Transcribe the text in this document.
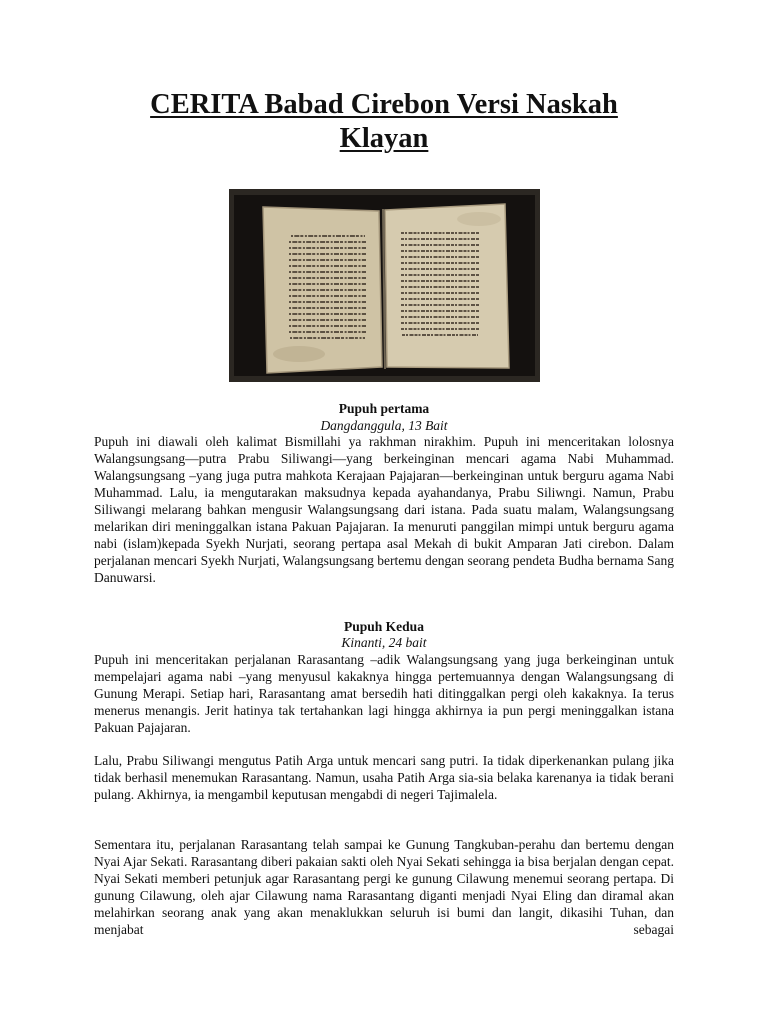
CERITA Babad Cirebon Versi Naskah
Klayan

Pupuh pertama

Dangdanggula, 13 Bait

Pupuh ini diawali oleh kalimat Bismillahi ya rakhman nirakhim. Pupuh ini menceritakan lolosnya Walangsungsang—putra Prabu Siliwangi—yang berkeinginan mencari agama Nabi Muhammad. Walangsungsang –yang juga putra mahkota Kerajaan Pajajaran—berkeinginan untuk berguru agama Nabi Muhammad. Lalu, ia mengutarakan maksudnya kepada ayahandanya, Prabu Siliwngi. Namun, Prabu Siliwangi melarang bahkan mengusir Walangsungsang dari istana. Pada suatu malam, Walangsungsang melarikan diri meninggalkan istana Pakuan Pajajaran. Ia menuruti panggilan mimpi untuk berguru agama nabi (islam)kepada Syekh Nurjati, seorang pertapa asal Mekah di bukit Amparan Jati cirebon. Dalam perjalanan mencari Syekh Nurjati, Walangsungsang bertemu dengan seorang pendeta Budha bernama Sang Danuwarsi.

Pupuh Kedua

Kinanti, 24 bait

Pupuh ini menceritakan perjalanan Rarasantang –adik Walangsungsang yang juga berkeinginan untuk mempelajari agama nabi –yang menyusul kakaknya hingga pertemuannya dengan Walangsungsang di Gunung Merapi. Setiap hari, Rarasantang amat bersedih hati ditinggalkan pergi oleh kakaknya. Ia terus menerus menangis. Jerit hatinya tak tertahankan lagi hingga akhirnya ia pun pergi meninggalkan istana Pakuan Pajajaran.

Lalu, Prabu Siliwangi mengutus Patih Arga untuk mencari sang putri. Ia tidak diperkenankan pulang jika tidak berhasil menemukan Rarasantang. Namun, usaha Patih Arga sia-sia belaka karenanya ia tidak berani pulang. Akhirnya, ia mengambil keputusan mengabdi di negeri Tajimalela.

Sementara itu, perjalanan Rarasantang telah sampai ke Gunung Tangkuban-perahu dan bertemu dengan Nyai Ajar Sekati. Rarasantang diberi pakaian sakti oleh Nyai Sekati sehingga ia bisa berjalan dengan cepat. Nyai Sekati memberi petunjuk agar Rarasantang pergi ke gunung Cilawung menemui seorang pertapa. Di gunung Cilawung, oleh ajar Cilawung nama Rarasantang diganti menjadi Nyai Eling dan diramal akan melahirkan seorang anak yang akan menaklukkan seluruh isi bumi dan langit, dikasihi Tuhan, dan menjabat sebagai
